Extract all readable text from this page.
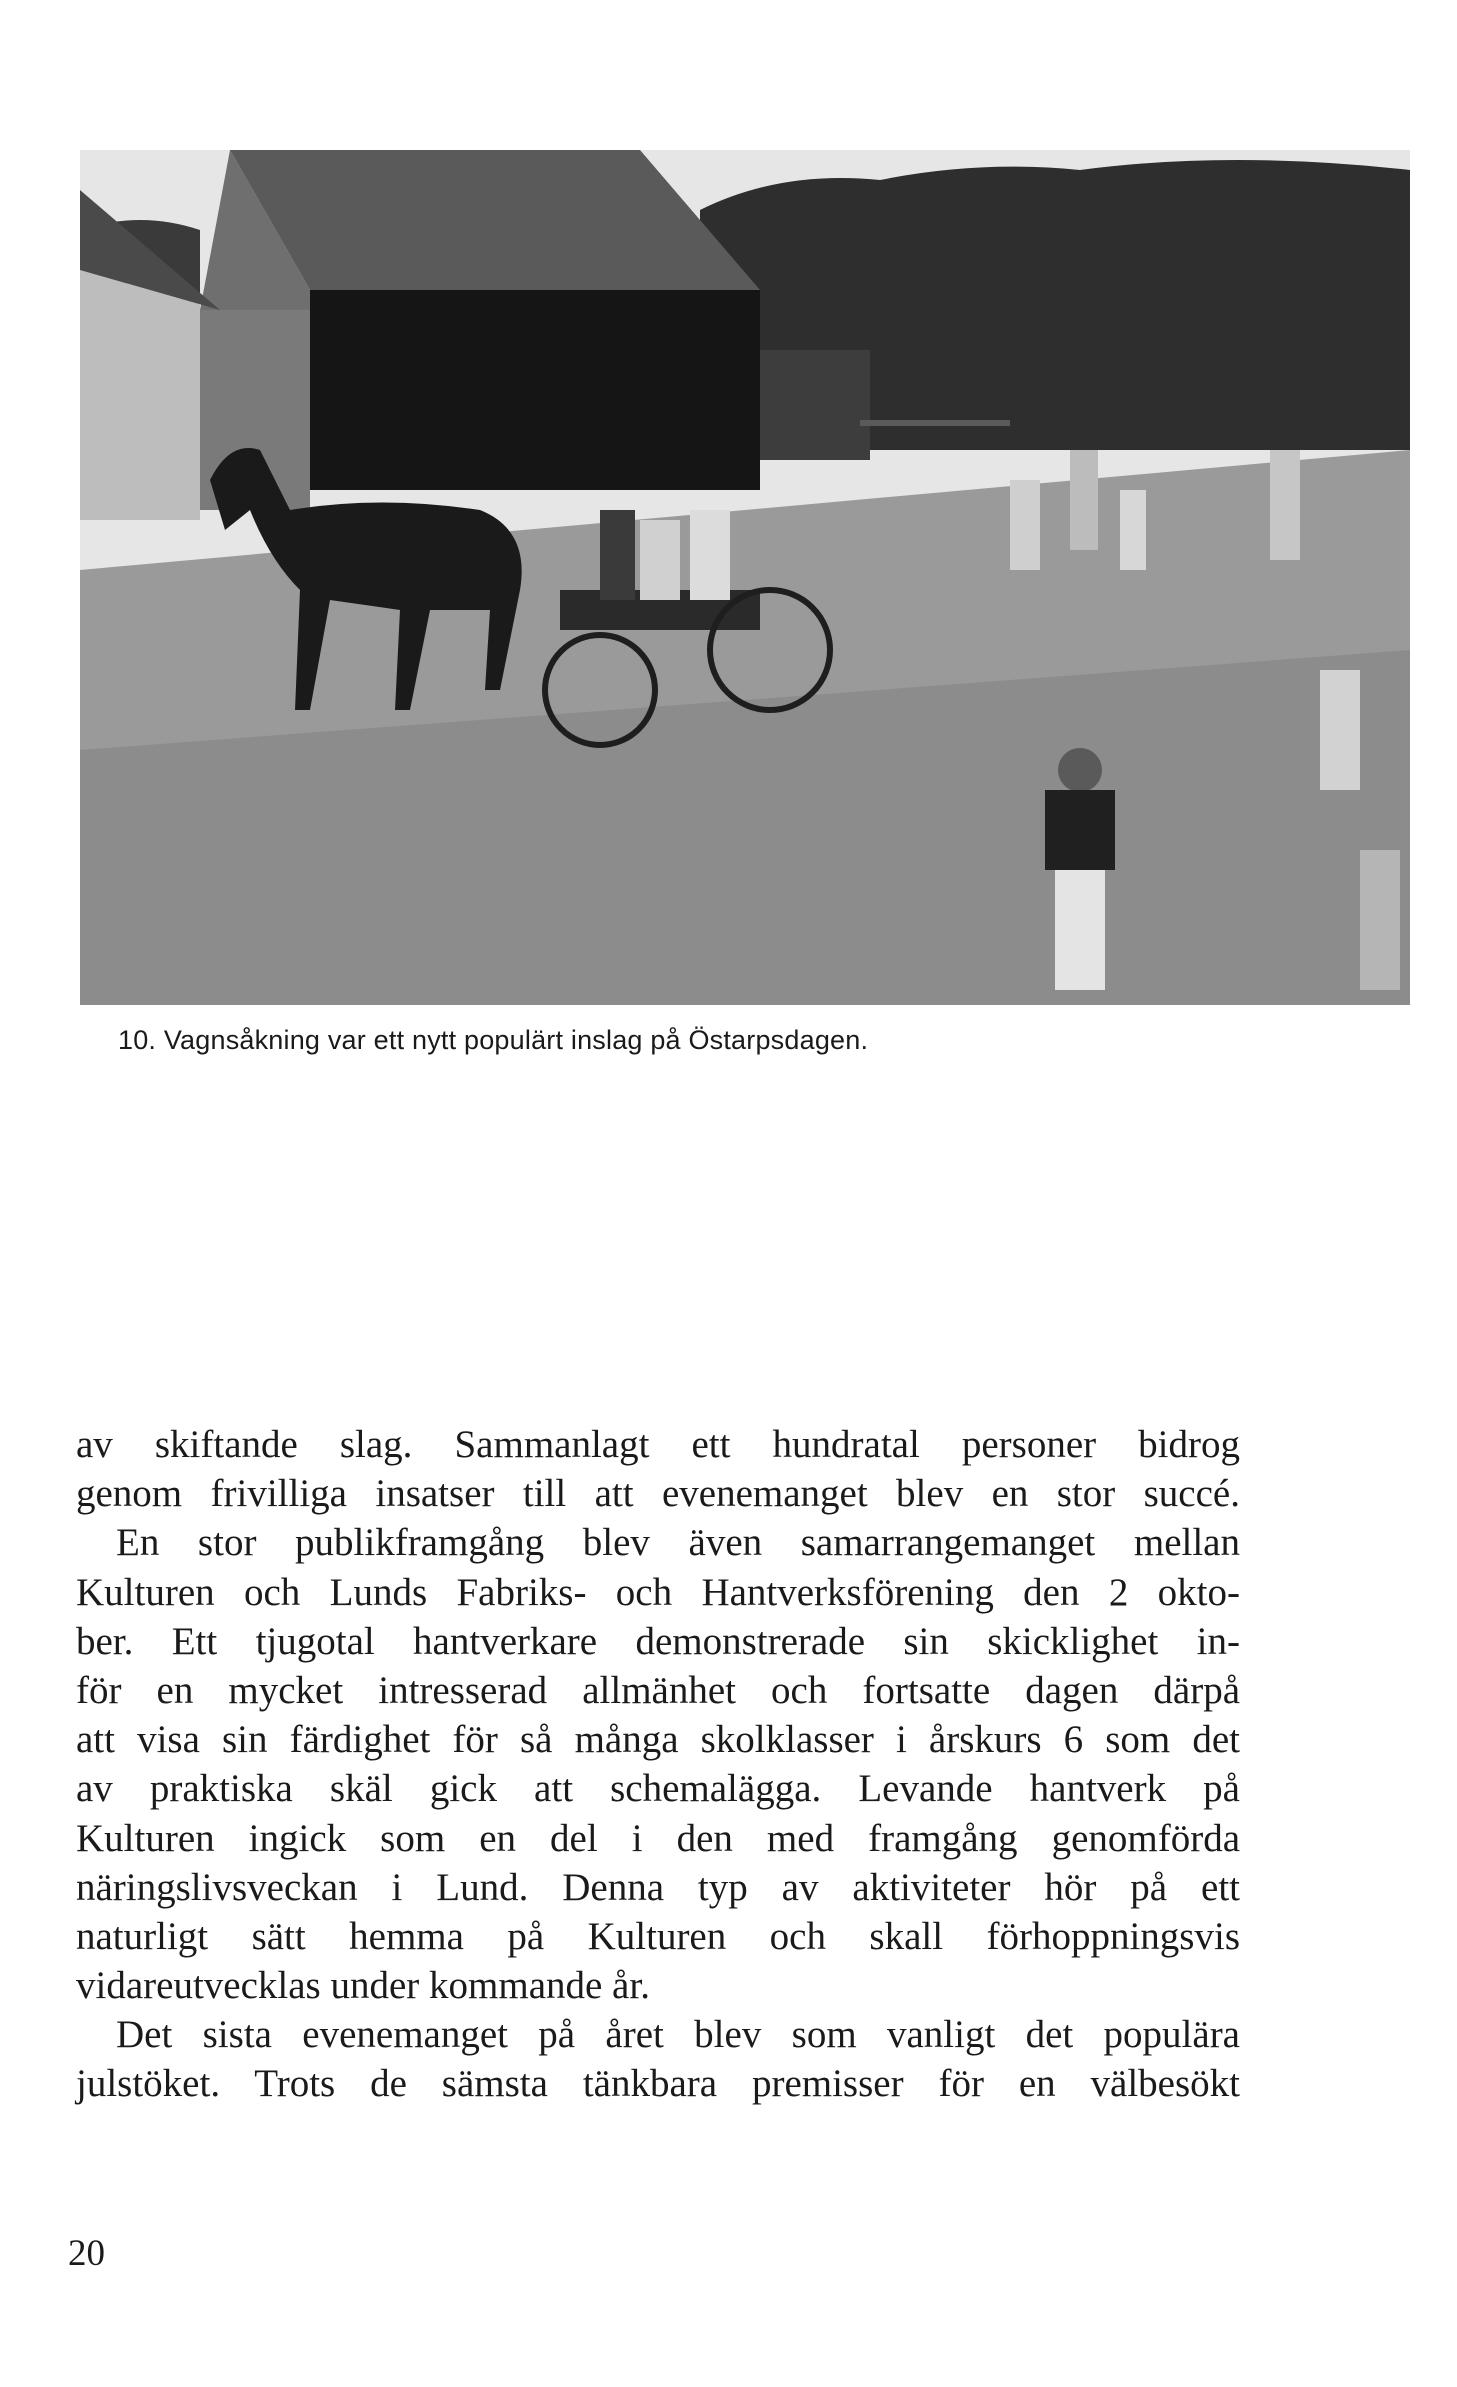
10. Vagnsåkning var ett nytt populärt inslag på Östarpsdagen.
av skiftande slag. Sammanlagt ett hundratal personer bidrog
genom frivilliga insatser till att evenemanget blev en stor succé.
En stor publikframgång blev även samarrangemanget mellan
Kulturen och Lunds Fabriks- och Hantverksförening den 2 okto-
ber. Ett tjugotal hantverkare demonstrerade sin skicklighet in-
för en mycket intresserad allmänhet och fortsatte dagen därpå
att visa sin färdighet för så många skolklasser i årskurs 6 som det
av praktiska skäl gick att schemalägga. Levande hantverk på
Kulturen ingick som en del i den med framgång genomförda
näringslivsveckan i Lund. Denna typ av aktiviteter hör på ett
naturligt sätt hemma på Kulturen och skall förhoppningsvis
vidareutvecklas under kommande år.
Det sista evenemanget på året blev som vanligt det populära
julstöket. Trots de sämsta tänkbara premisser för en välbesökt
20
